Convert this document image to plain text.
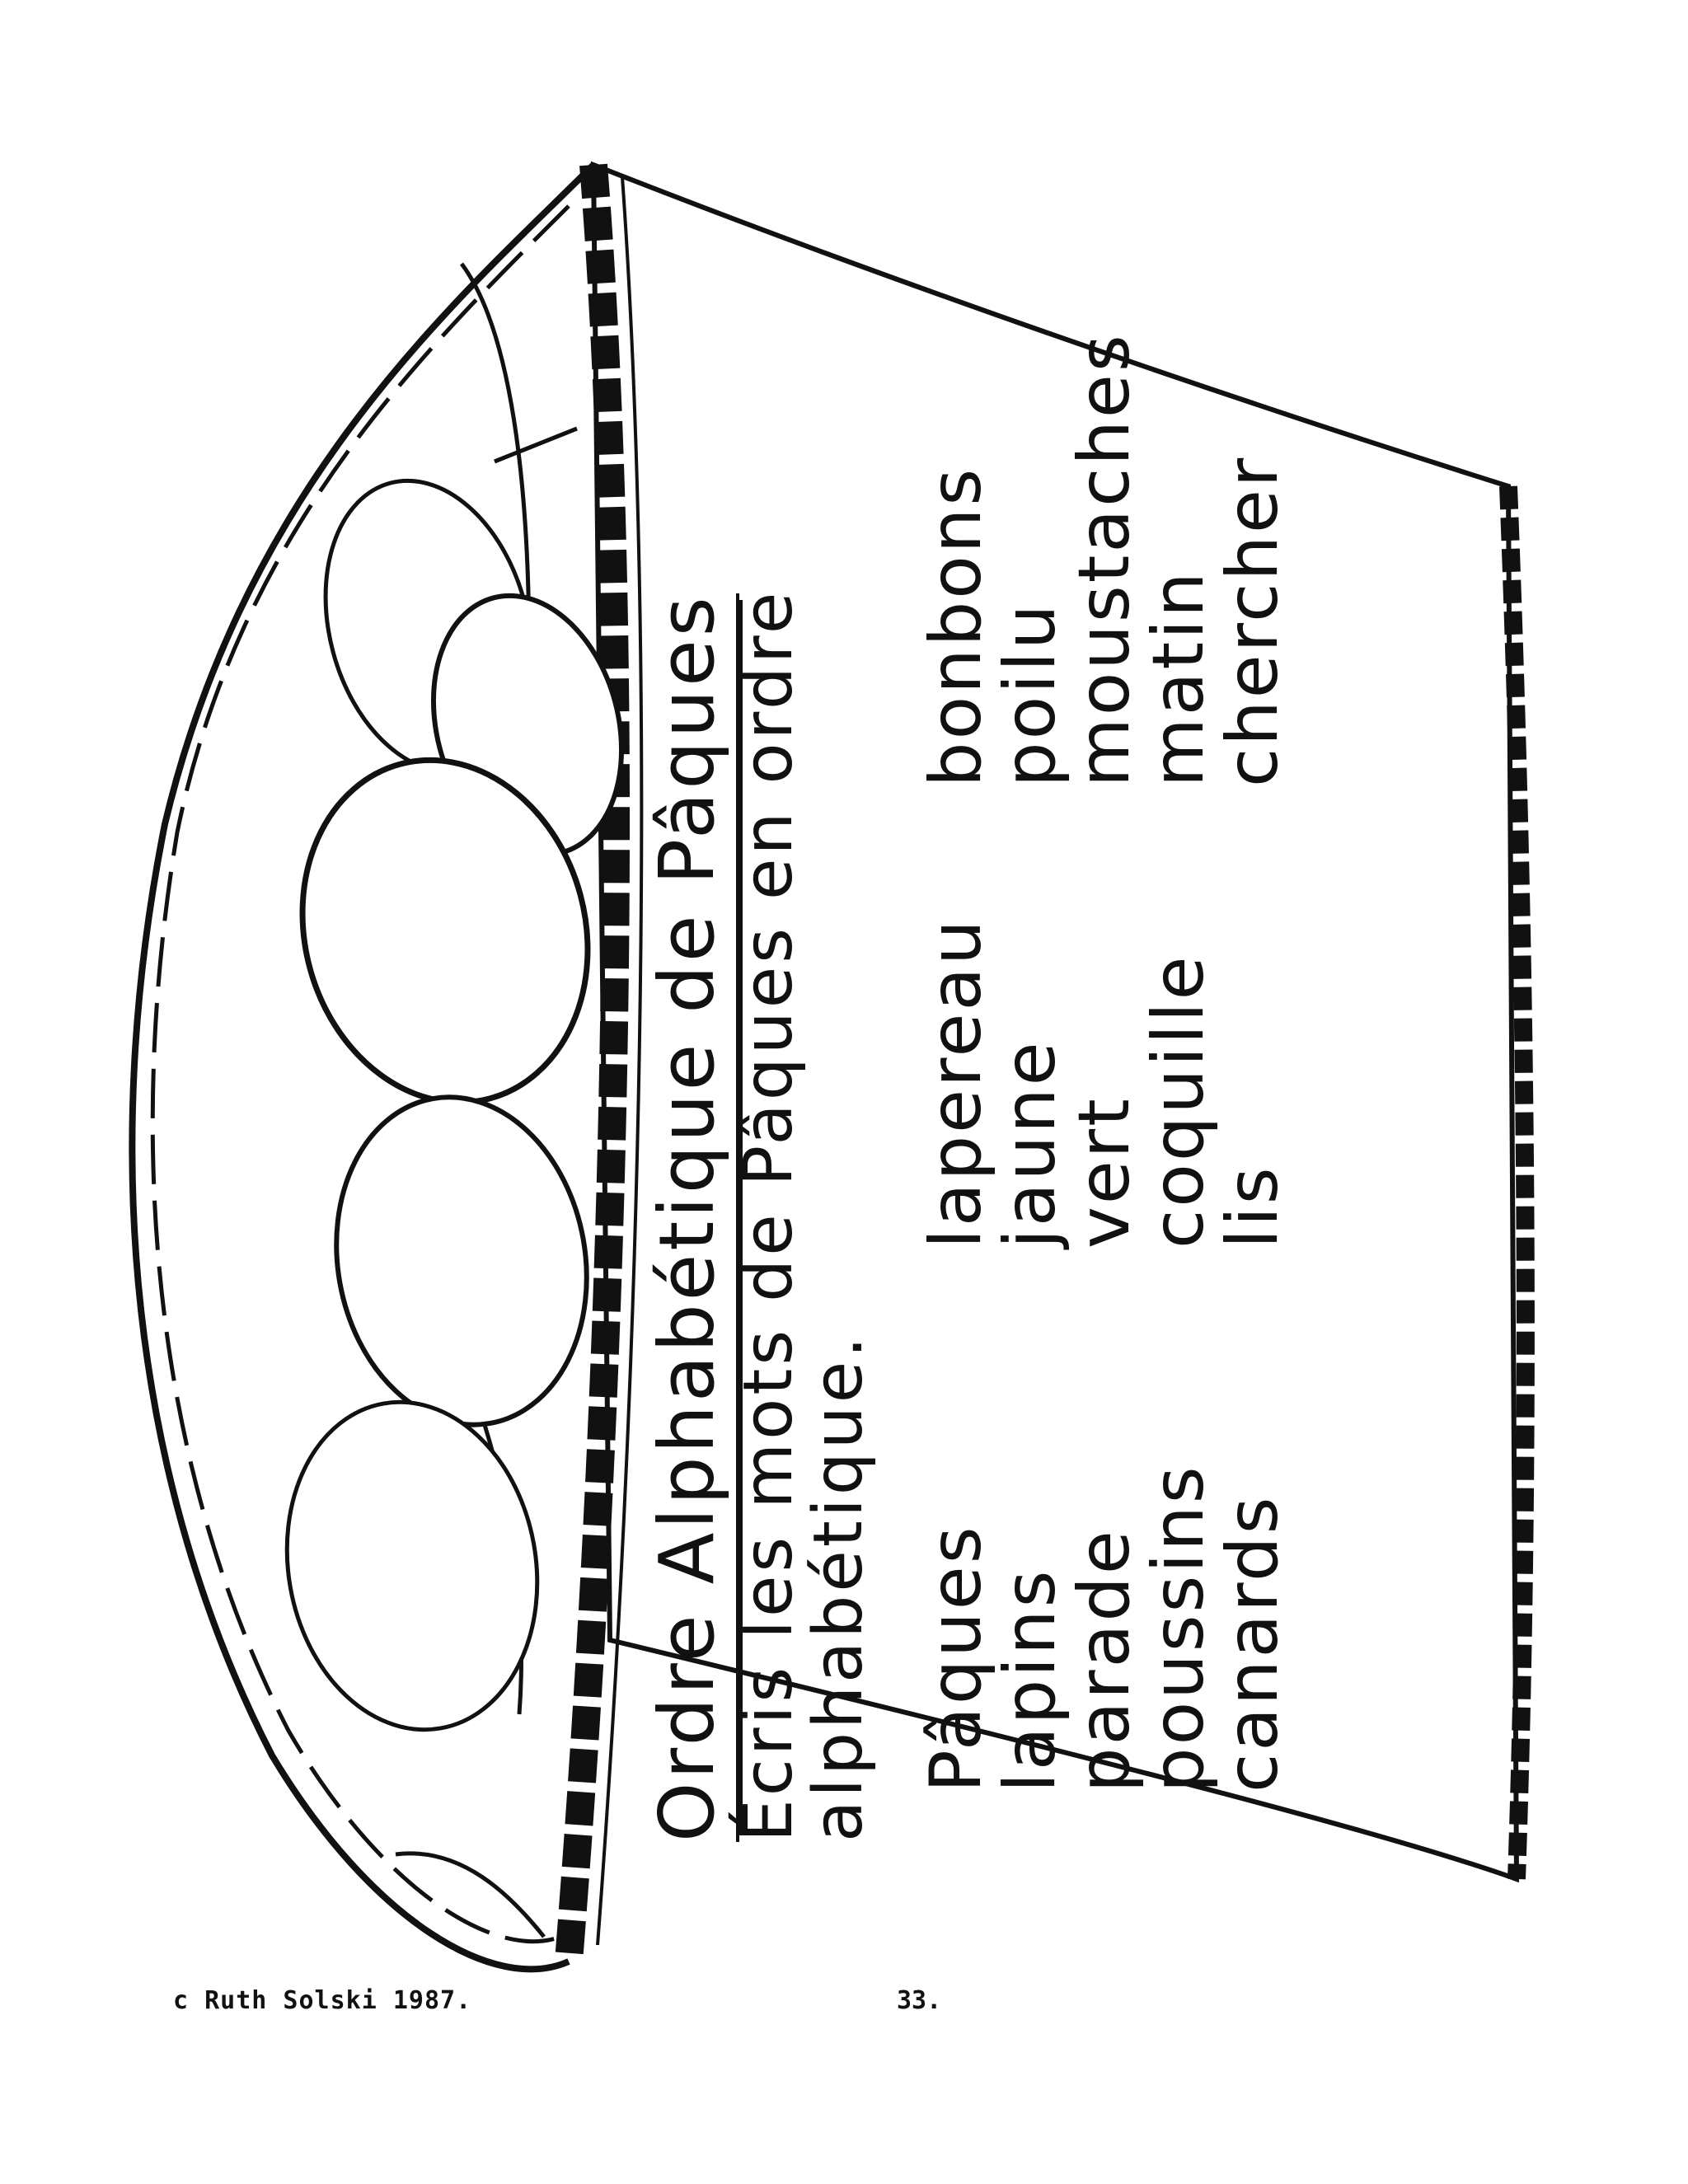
Ordre Alphabétique de Pâques
Écris les mots de Pâques en ordre
alphabétique. Pâques
lapins
parade
poussins
canards
lapereau
jaune
vert
coquille
lis
bonbons
poilu
moustaches
matin
chercher
c Ruth Solski 1987.	33.
